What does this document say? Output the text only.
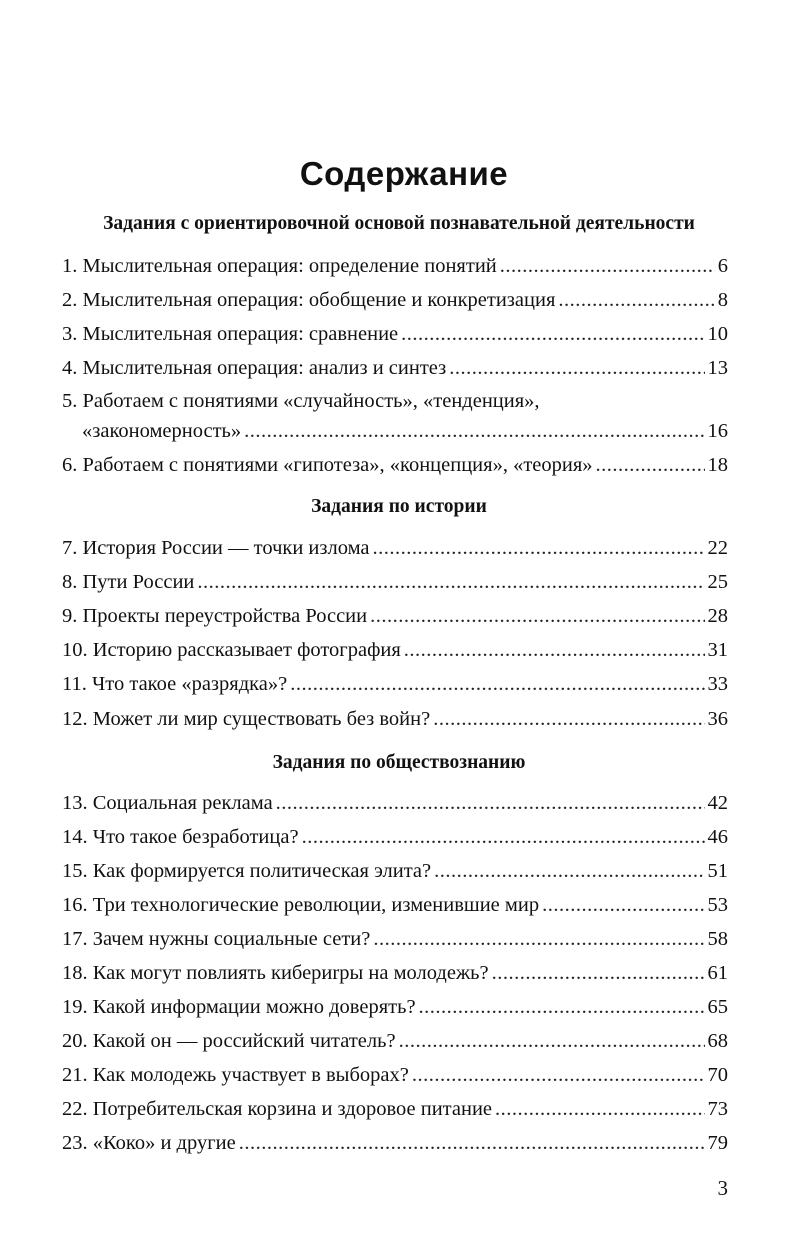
Содержание
Задания с ориентировочной основой познавательной деятельности
1. Мыслительная операция: определение понятий .....	6
2. Мыслительная операция: обобщение и конкретизация .....	8
3. Мыслительная операция: сравнение .....	10
4. Мыслительная операция: анализ и синтез .....	13
5. Работаем с понятиями «случайность», «тенденция»,
«закономерность» .....	16
6. Работаем с понятиями «гипотеза», «концепция», «теория» .....	18
Задания по истории
7. История России — точки излома .....	22
8. Пути России .....	25
9. Проекты переустройства России .....	28
10. Историю рассказывает фотография .....	31
11. Что такое «разрядка»? .....	33
12. Может ли мир существовать без войн? .....	36
Задания по обществознанию
13. Социальная реклама .....	42
14. Что такое безработица? .....	46
15. Как формируется политическая элита? .....	51
16. Три технологические революции, изменившие мир .....	53
17. Зачем нужны социальные сети? .....	58
18. Как могут повлиять кибериrpы на молодежь? .....	61
19. Какой информации можно доверять? .....	65
20. Какой он — российский читатель? .....	68
21. Как молодежь участвует в выборах? .....	70
22. Потребительская корзина и здоровое питание .....	73
23. «Коко» и другие .....	79
3
